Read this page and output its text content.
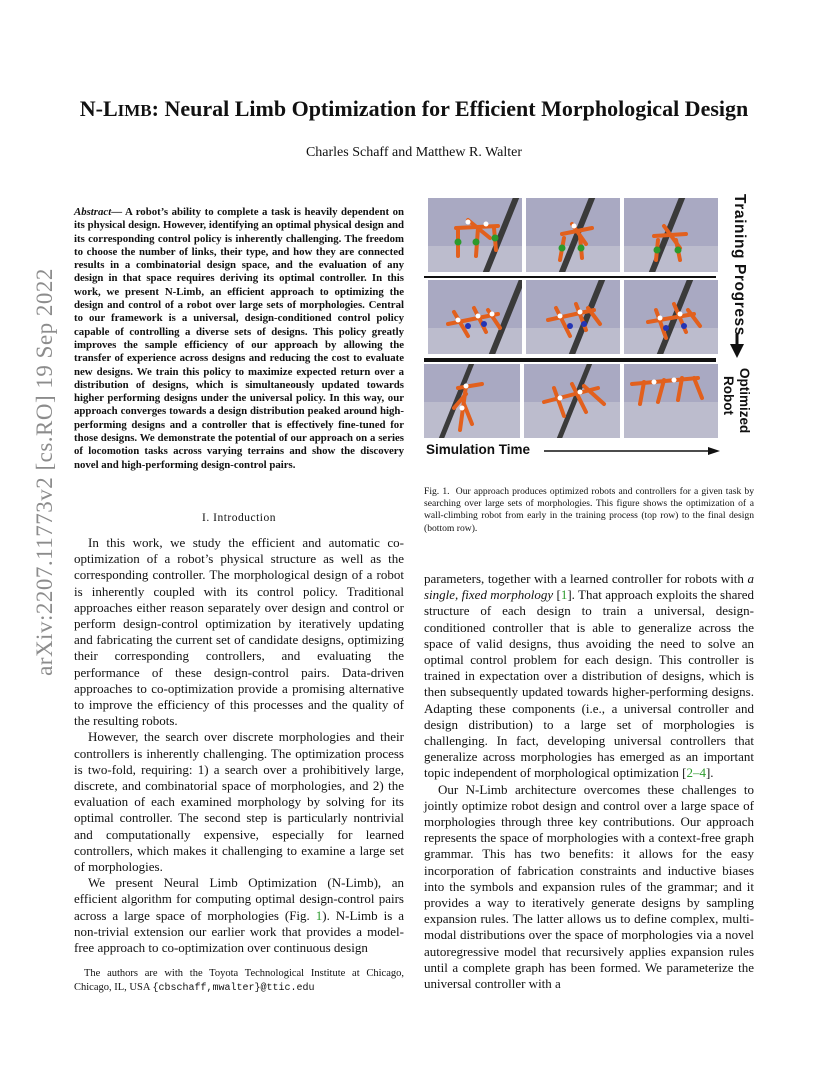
arXiv:2207.11773v2 [cs.RO] 19 Sep 2022
N-LIMB: Neural Limb Optimization for Efficient Morphological Design
Charles Schaff and Matthew R. Walter
Abstract— A robot’s ability to complete a task is heavily dependent on its physical design. However, identifying an optimal physical design and its corresponding control policy is inherently challenging. The freedom to choose the number of links, their type, and how they are connected results in a combinatorial design space, and the evaluation of any design in that space requires deriving its optimal controller. In this work, we present N-Limb, an efficient approach to optimizing the design and control of a robot over large sets of morphologies. Central to our framework is a universal, design-conditioned control policy capable of controlling a diverse sets of designs. This policy greatly improves the sample efficiency of our approach by allowing the transfer of experience across designs and reducing the cost to evaluate new designs. We train this policy to maximize expected return over a distribution of designs, which is simultaneously updated towards higher performing designs under the universal policy. In this way, our approach converges towards a design distribution peaked around high-performing designs and a controller that is effectively fine-tuned for those designs. We demonstrate the potential of our approach on a series of locomotion tasks across varying terrains and show the discovery novel and high-performing design-control pairs.
I. Introduction

In this work, we study the efficient and automatic co-optimization of a robot’s physical structure as well as the corresponding controller. The morphological design of a robot is inherently coupled with its control policy. Traditional approaches either reason separately over design and control or perform design-control optimization by iteratively updating and fabricating the current set of candidate designs, optimizing their corresponding controllers, and evaluating the performance of these design-control pairs. Data-driven approaches to co-optimization provide a promising alternative to improve the efficiency of this processes and the quality of the resulting robots.

However, the search over discrete morphologies and their controllers is inherently challenging. The optimization process is two-fold, requiring: 1) a search over a prohibitively large, discrete, and combinatorial space of morphologies, and 2) the evaluation of each examined morphology by solving for its optimal controller. The second step is particularly nontrivial and computationally expensive, especially for learned controllers, which makes it challenging to examine a large set of morphologies.

We present Neural Limb Optimization (N-Limb), an efficient algorithm for computing optimal design-control pairs across a large space of morphologies (Fig. 1). N-Limb is a non-trivial extension our earlier work that provides a model-free approach to co-optimization over continuous design

The authors are with the Toyota Technological Institute at Chicago, Chicago, IL, USA {cbschaff,mwalter}@ttic.edu
Training Progress
Optimized
Robot
Simulation Time
Fig. 1. Our approach produces optimized robots and controllers for a given task by searching over large sets of morphologies. This figure shows the optimization of a wall-climbing robot from early in the training process (top row) to the final design (bottom row).

parameters, together with a learned controller for robots with a single, fixed morphology [1]. That approach exploits the shared structure of each design to train a universal, design-conditioned controller that is able to generalize across the space of valid designs, thus avoiding the need to solve an optimal control problem for each design. This controller is trained in expectation over a distribution of designs, which is then subsequently updated towards higher-performing designs. Adapting these components (i.e., a universal controller and design distribution) to a large set of morphologies is challenging. In fact, developing universal controllers that generalize across morphologies has emerged as an important topic independent of morphological optimization [2–4].

Our N-Limb architecture overcomes these challenges to jointly optimize robot design and control over a large space of morphologies through three key contributions. Our approach represents the space of morphologies with a context-free graph grammar. This has two benefits: it allows for the easy incorporation of fabrication constraints and inductive biases into the symbols and expansion rules of the grammar; and it provides a way to iteratively generate designs by sampling expansion rules. The latter allows us to define complex, multi-modal distributions over the space of morphologies via a novel autoregressive model that recursively applies expansion rules until a complete graph has been formed. We parameterize the universal controller with a
